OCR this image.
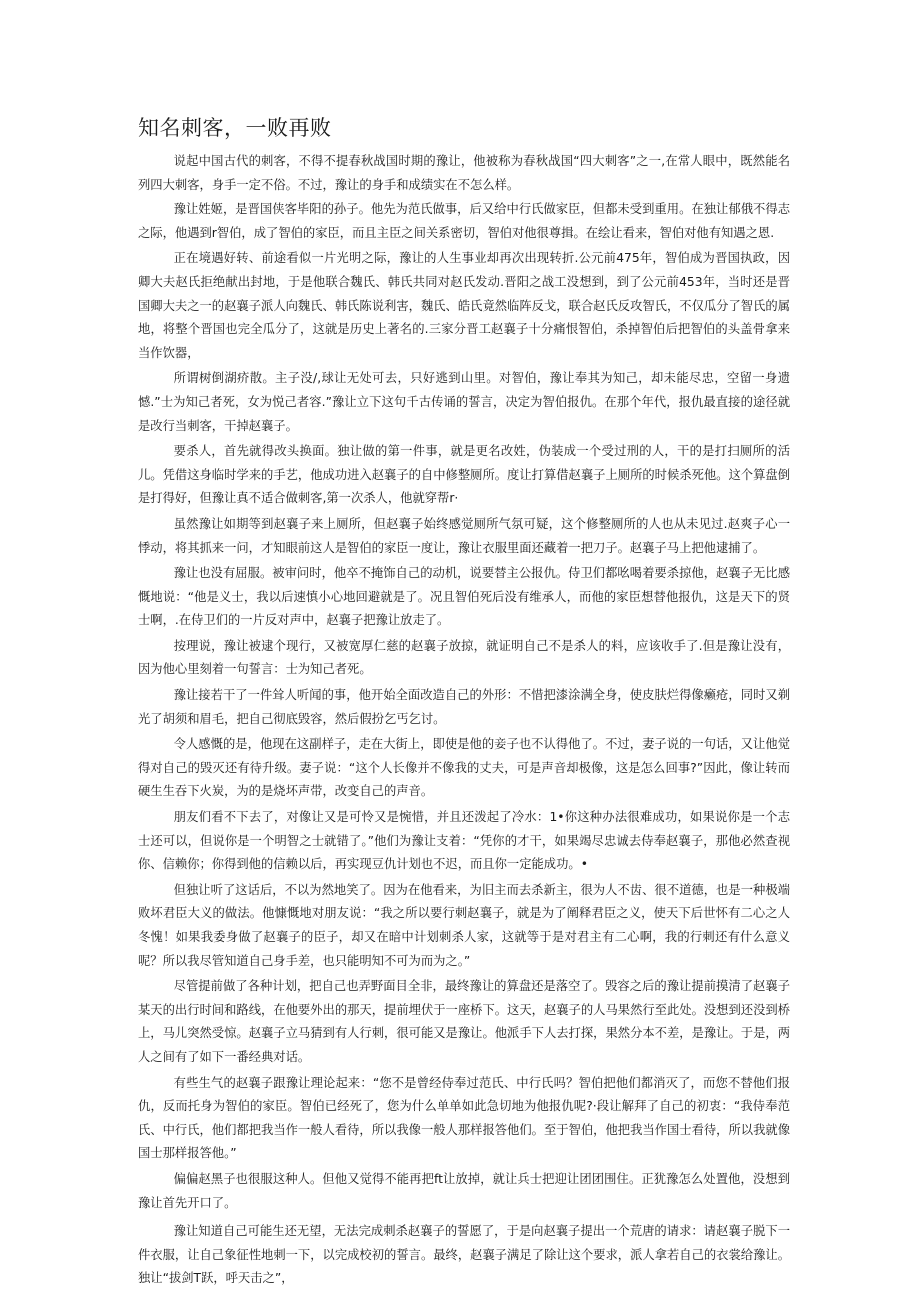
知名刺客，一败再败

说起中国古代的刺客，不得不提春秋战国时期的豫让，他被称为春秋战国“四大刺客”之一,在常人眼中，既然能名列四大刺客，身手一定不俗。不过，豫让的身手和成绩实在不怎么样。

豫让姓姬，是晋国侠客毕阳的孙子。他先为范氏做事，后又给中行氏做家臣，但都未受到重用。在独让郁俄不得志之际，他遇到r智伯，成了智伯的家臣，而且主臣之间关系密切，智伯对他很尊揖。在绘让看来，智伯对他有知遇之恩.

正在境遇好转、前途看似一片光明之际，豫让的人生事业却再次出现转折.公元前475年，智伯成为晋国执政，因卿大夫赵氏拒绝献出封地，于是他联合魏氏、韩氏共同对赵氏发动.晋阳之战工没想到，到了公元前453年，当时还是晋国卿大夫之一的赵襄子派人向魏氏、韩氏陈说利害，魏氏、皓氏竟然临阵反戈，联合赵氏反攻智氏，不仅瓜分了智氏的属地，将整个晋国也完全瓜分了，这就是历史上著名的.三家分晋工赵襄子十分痛恨智伯，杀掉智伯后把智伯的头盖骨拿来当作饮器，

所谓树倒湖疥散。主子没/,球让无处可去，只好逃到山里。对智伯，豫让奉其为知己，却未能尽忠，空留一身遗憾.”士为知己者死，女为悦己者容.”豫让立下这句千古传诵的誓言，决定为智伯报仇。在那个年代，报仇最直接的途径就是改行当刺客，干掉赵襄子。

要杀人，首先就得改头换面。独让做的第一件事，就是更名改姓，伪装成一个受过刑的人，干的是打扫厕所的活儿。凭借这身临时学来的手艺，他成功进入赵襄子的自中修整厕所。度让打算借赵襄子上厕所的时候杀死他。这个算盘倒是打得好，但豫让真不适合做刺客,第一次杀人，他就穿帮r·

虽然豫让如期等到赵襄子来上厕所，但赵襄子始终感觉厕所气氛可疑，这个修整厕所的人也从未见过.赵爽子心一悸动，将其抓来一问，才知眼前这人是智伯的家臣一度让，豫让衣服里面还藏着一把刀子。赵襄子马上把他逮捕了。

豫让也没有屈服。被审问时，他卒不掩饰自己的动机，说要替主公报仇。侍卫们都吆喝着要杀掠他，赵襄子无比感慨地说：“他是义士，我以后速慎小心地回避就是了。况且智伯死后没有维承人，而他的家臣想替他报仇，这是天下的贤士啊，.在侍卫们的一片反对声中，赵襄子把豫让放走了。

按理说，豫让被逮个现行，又被宽厚仁慈的赵襄子放掠，就证明自己不是杀人的料，应该收手了.但是豫让没有，因为他心里刻着一句誓言：士为知己者死。

豫让接若干了一件耸人听闻的事，他开始全面改造自己的外形：不惜把漆涂满全身，使皮肤烂得像癞疮，同时又剃光了胡须和眉毛，把自己彻底毁容，然后假扮乞丐乞讨。

令人感慨的是，他现在这副样子，走在大街上，即使是他的妾子也不认得他了。不过，妻子说的一句话，又让他觉得对自己的毁灭还有待升级。妻子说：“这个人长像并不像我的丈夫，可是声音却极像，这是怎么回事?”因此，像让转而硬生生吞下火炭，为的是烧坏声带，改变自己的声音。

朋友们看不下去了，对像让又是可怜又是惋惜，并且还泼起了冷水：1•你这种办法很难成功，如果说你是一个志士还可以，但说你是一个明智之士就错了。”他们为豫让支着：“凭你的才干，如果竭尽忠诚去侍奉赵襄子，那他必然查视你、信赖你；你得到他的信赖以后，再实现豆仇计划也不迟，而且你一定能成功。•

但独让听了这话后，不以为然地笑了。因为在他看来，为旧主而去杀新主，很为人不齿、很不道德，也是一种极端败坏君臣大义的做法。他慷慨地对朋友说：“我之所以要行刺赵襄子，就是为了阐释君臣之义，使天下后世怀有二心之人冬愧！如果我委身做了赵襄子的臣子，却又在暗中计划刺杀人家，这就等于是对君主有二心啊，我的行刺还有什么意义呢？所以我尽管知道自己身手差，也只能明知不可为而为之。”

尽管提前做了各种计划，把自己也弄野面目全非，最终豫让的算盘还是落空了。毁容之后的豫让提前摸清了赵襄子某天的出行时间和路线，在他要外出的那天，提前埋伏于一座桥下。这天，赵襄子的人马果然行至此处。没想到还没到桥上，马儿突然受惊。赵襄子立马猜到有人行刺，很可能又是豫让。他派手下人去打探，果然分本不差，是豫让。于是，两人之间有了如下一番经典对话。

有些生气的赵襄子跟豫让理论起来：“您不是曾经侍奉过范氏、中行氏吗？智伯把他们都消灭了，而您不替他们报仇，反而托身为智伯的家臣。智伯已经死了，您为什么单单如此急切地为他报仇呢?·段让解拜了自己的初衷：“我侍奉范氏、中行氏，他们都把我当作一般人看待，所以我像一般人那样报答他们。至于智伯，他把我当作国士看待，所以我就像国士那样报答他。”

偏偏赵黑子也很服这种人。但他又觉得不能再把ft让放掉，就让兵士把迎让团团围住。正犹豫怎么处置他，没想到豫让首先开口了。

豫让知道自己可能生还无望，无法完成刺杀赵襄子的誓愿了，于是向赵襄子提出一个荒唐的请求：请赵襄子脱下一件衣服，让自己象征性地刺一下，以完成校初的誓言。最终，赵襄子满足了除让这个要求，派人拿若自己的衣裳给豫让。独让“拔剑T跃，呼天击之”，
